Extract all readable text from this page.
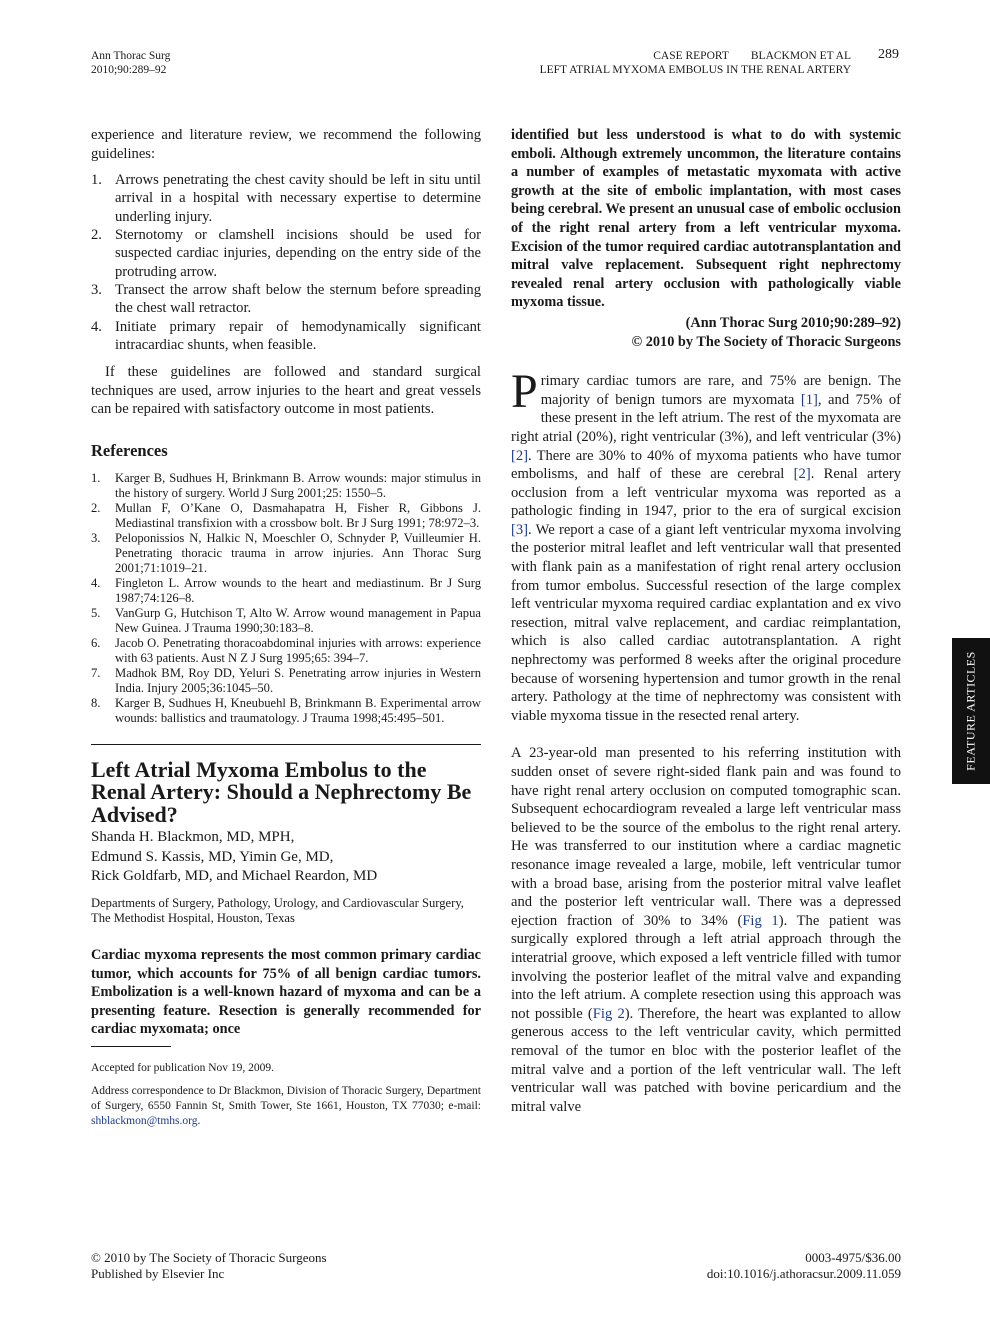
Ann Thorac Surg
2010;90:289–92
CASE REPORT BLACKMON ET AL
LEFT ATRIAL MYXOMA EMBOLUS IN THE RENAL ARTERY
289

experience and literature review, we recommend the following guidelines:

1. Arrows penetrating the chest cavity should be left in situ until arrival in a hospital with necessary expertise to determine underling injury.
2. Sternotomy or clamshell incisions should be used for suspected cardiac injuries, depending on the entry side of the protruding arrow.
3. Transect the arrow shaft below the sternum before spreading the chest wall retractor.
4. Initiate primary repair of hemodynamically significant intracardiac shunts, when feasible.

If these guidelines are followed and standard surgical techniques are used, arrow injuries to the heart and great vessels can be repaired with satisfactory outcome in most patients.

References
1. Karger B, Sudhues H, Brinkmann B. Arrow wounds: major stimulus in the history of surgery. World J Surg 2001;25: 1550–5.
2. Mullan F, O’Kane O, Dasmahapatra H, Fisher R, Gibbons J. Mediastinal transfixion with a crossbow bolt. Br J Surg 1991; 78:972–3.
3. Peloponissios N, Halkic N, Moeschler O, Schnyder P, Vuilleumier H. Penetrating thoracic trauma in arrow injuries. Ann Thorac Surg 2001;71:1019–21.
4. Fingleton L. Arrow wounds to the heart and mediastinum. Br J Surg 1987;74:126–8.
5. VanGurp G, Hutchison T, Alto W. Arrow wound management in Papua New Guinea. J Trauma 1990;30:183–8.
6. Jacob O. Penetrating thoracoabdominal injuries with arrows: experience with 63 patients. Aust N Z J Surg 1995;65: 394–7.
7. Madhok BM, Roy DD, Yeluri S. Penetrating arrow injuries in Western India. Injury 2005;36:1045–50.
8. Karger B, Sudhues H, Kneubuehl B, Brinkmann B. Experimental arrow wounds: ballistics and traumatology. J Trauma 1998;45:495–501.
Left Atrial Myxoma Embolus to the Renal Artery: Should a Nephrectomy Be Advised?
Shanda H. Blackmon, MD, MPH,
Edmund S. Kassis, MD, Yimin Ge, MD,
Rick Goldfarb, MD, and Michael Reardon, MD
Departments of Surgery, Pathology, Urology, and Cardiovascular Surgery, The Methodist Hospital, Houston, Texas

Cardiac myxoma represents the most common primary cardiac tumor, which accounts for 75% of all benign cardiac tumors. Embolization is a well-known hazard of myxoma and can be a presenting feature. Resection is generally recommended for cardiac myxomata; once

Accepted for publication Nov 19, 2009.

Address correspondence to Dr Blackmon, Division of Thoracic Surgery, Department of Surgery, 6550 Fannin St, Smith Tower, Ste 1661, Houston, TX 77030; e-mail: shblackmon@tmhs.org.

identified but less understood is what to do with systemic emboli. Although extremely uncommon, the literature contains a number of examples of metastatic myxomata with active growth at the site of embolic implantation, with most cases being cerebral. We present an unusual case of embolic occlusion of the right renal artery from a left ventricular myxoma. Excision of the tumor required cardiac autotransplantation and mitral valve replacement. Subsequent right nephrectomy revealed renal artery occlusion with pathologically viable myxoma tissue.

(Ann Thorac Surg 2010;90:289–92)
© 2010 by The Society of Thoracic Surgeons

Primary cardiac tumors are rare, and 75% are benign. The majority of benign tumors are myxomata [1], and 75% of these present in the left atrium. The rest of the myxomata are right atrial (20%), right ventricular (3%), and left ventricular (3%) [2]. There are 30% to 40% of myxoma patients who have tumor embolisms, and half of these are cerebral [2]. Renal artery occlusion from a left ventricular myxoma was reported as a pathologic finding in 1947, prior to the era of surgical excision [3]. We report a case of a giant left ventricular myxoma involving the posterior mitral leaflet and left ventricular wall that presented with flank pain as a manifestation of right renal artery occlusion from tumor embolus. Successful resection of the large complex left ventricular myxoma required cardiac explantation and ex vivo resection, mitral valve replacement, and cardiac reimplantation, which is also called cardiac autotransplantation. A right nephrectomy was performed 8 weeks after the original procedure because of worsening hypertension and tumor growth in the renal artery. Pathology at the time of nephrectomy was consistent with viable myxoma tissue in the resected renal artery.

A 23-year-old man presented to his referring institution with sudden onset of severe right-sided flank pain and was found to have right renal artery occlusion on computed tomographic scan. Subsequent echocardiogram revealed a large left ventricular mass believed to be the source of the embolus to the right renal artery. He was transferred to our institution where a cardiac magnetic resonance image revealed a large, mobile, left ventricular tumor with a broad base, arising from the posterior mitral valve leaflet and the posterior left ventricular wall. There was a depressed ejection fraction of 30% to 34% (Fig 1). The patient was surgically explored through a left atrial approach through the interatrial groove, which exposed a left ventricle filled with tumor involving the posterior leaflet of the mitral valve and expanding into the left atrium. A complete resection using this approach was not possible (Fig 2). Therefore, the heart was explanted to allow generous access to the left ventricular cavity, which permitted removal of the tumor en bloc with the posterior leaflet of the mitral valve and a portion of the left ventricular wall. The left ventricular wall was patched with bovine pericardium and the mitral valve

FEATURE ARTICLES
© 2010 by The Society of Thoracic Surgeons
Published by Elsevier Inc
0003-4975/$36.00
doi:10.1016/j.athoracsur.2009.11.059
